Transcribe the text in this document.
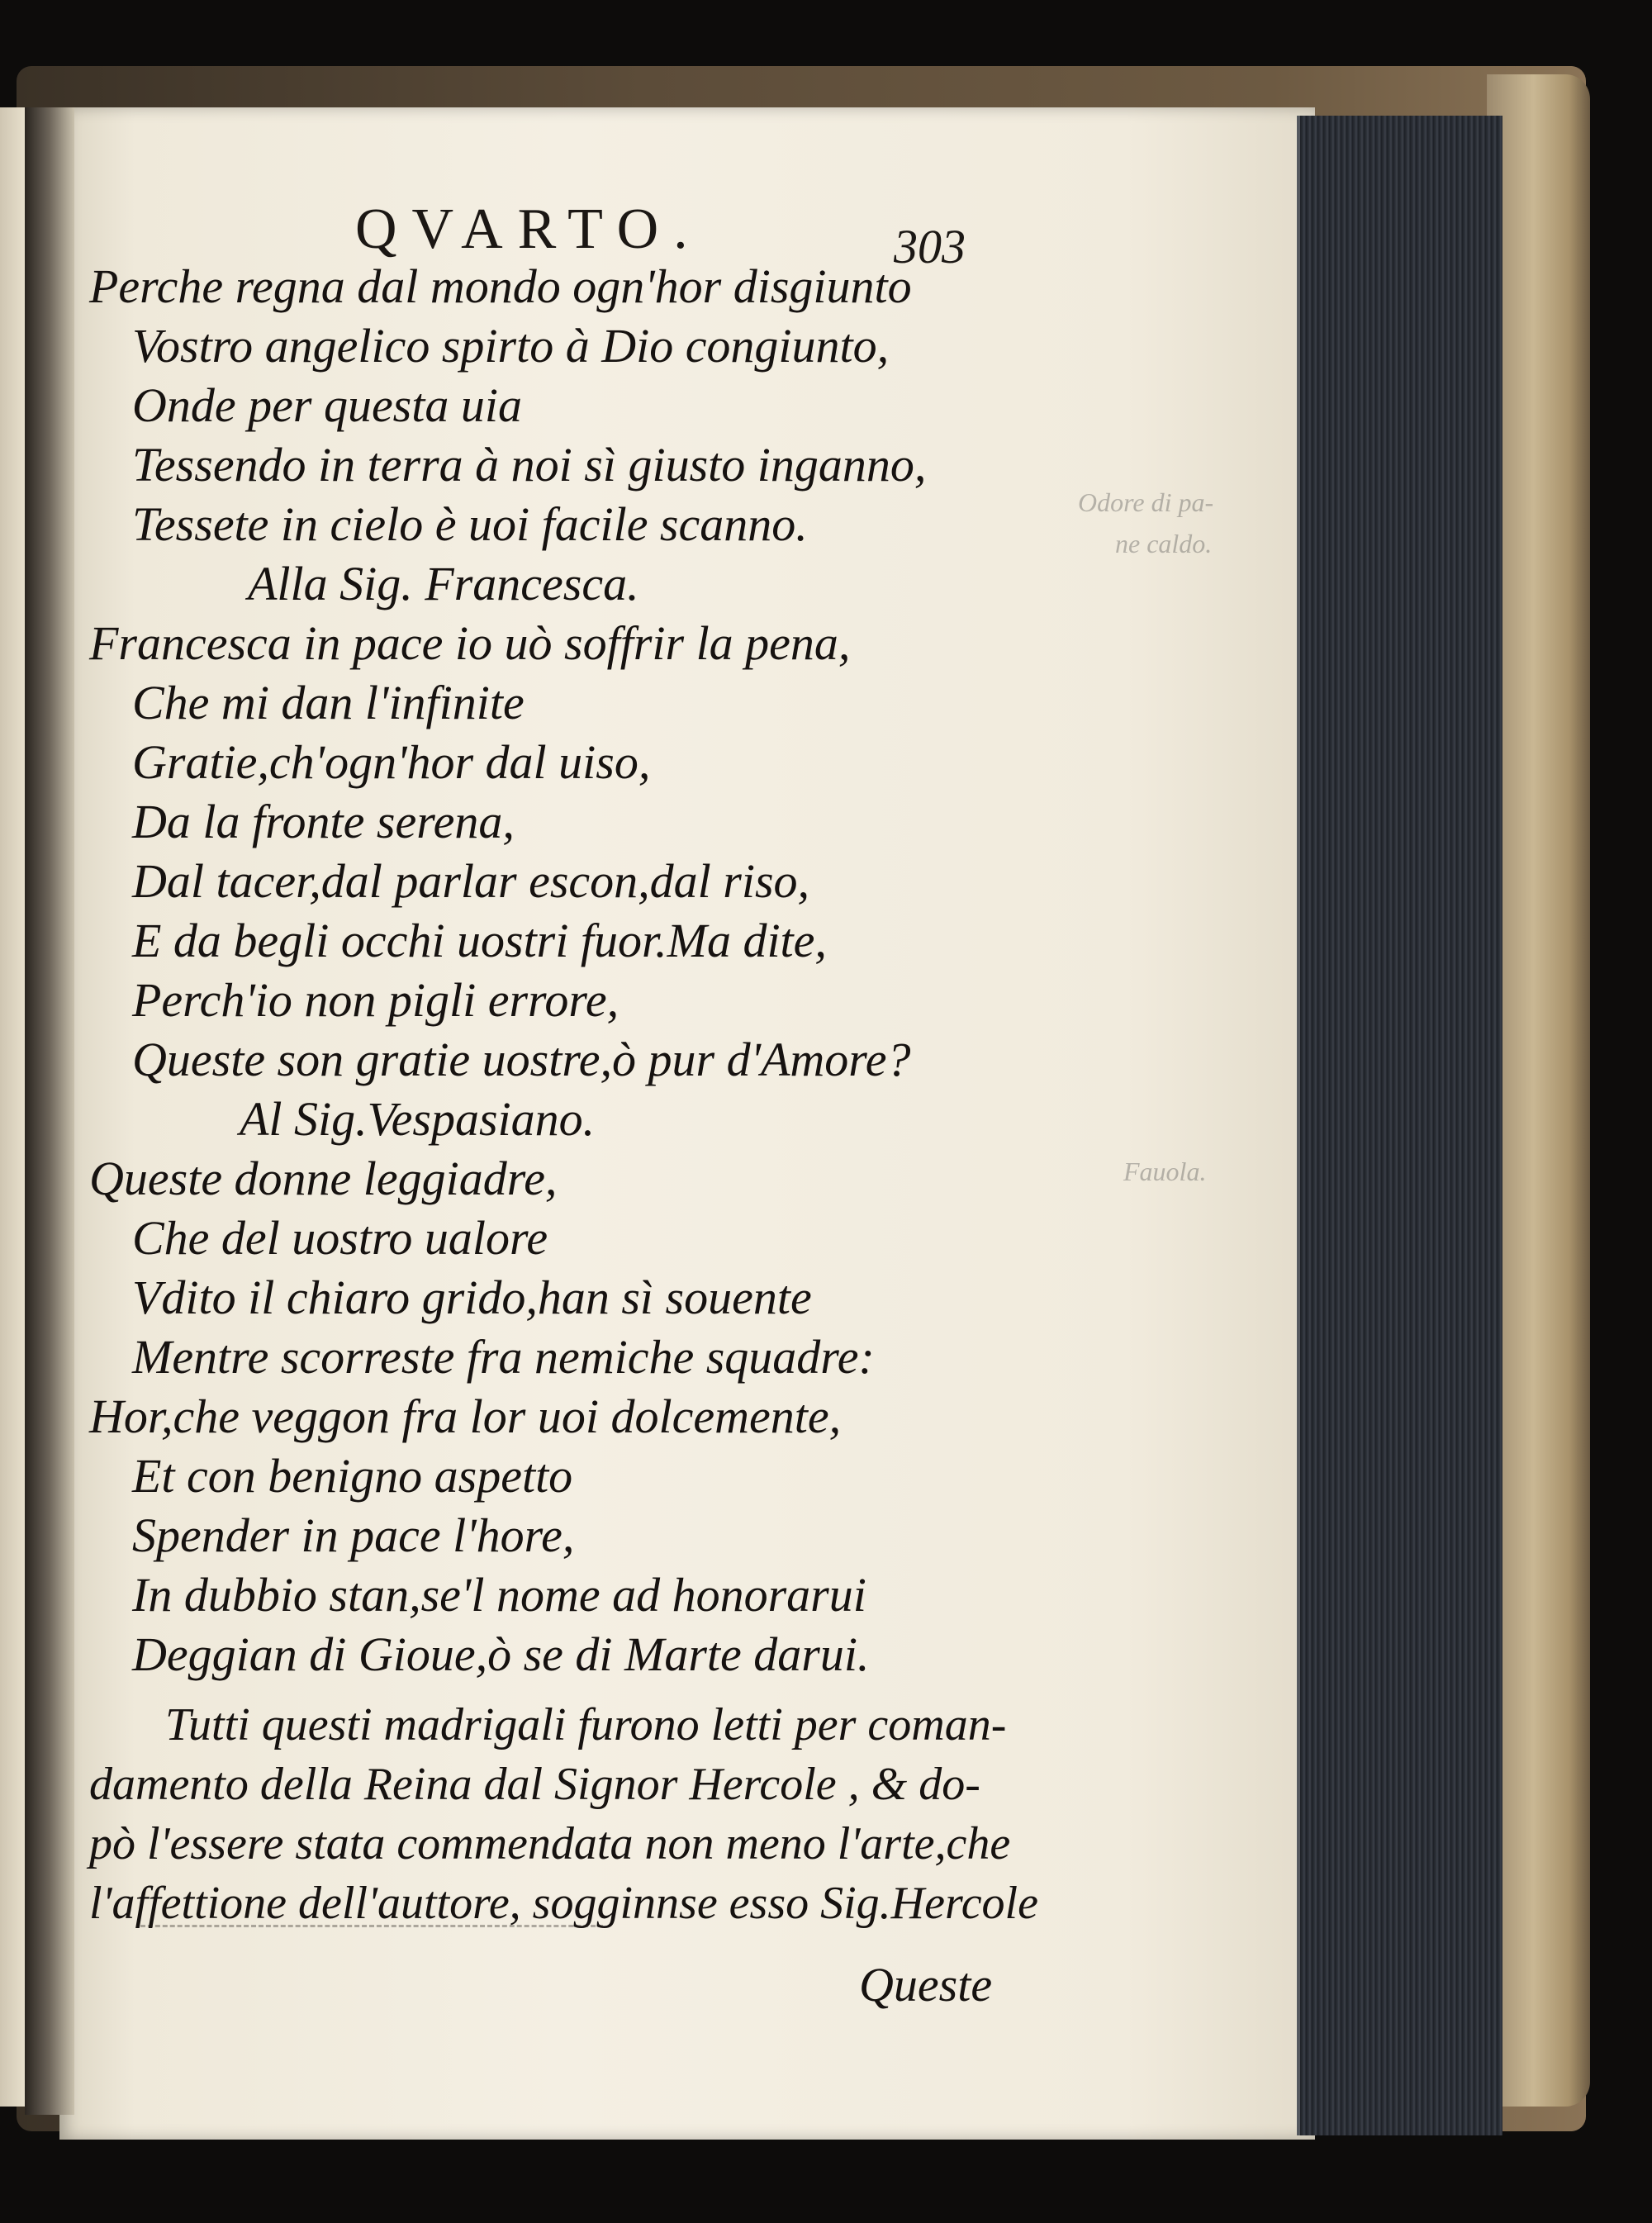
Odore di pa-
ne caldo.
Fauola.
QVARTO.	303
Perche regna dal mondo ogn'hor disgiunto
Vostro angelico spirto à Dio congiunto,
Onde per questa uia
Tessendo in terra à noi sì giusto inganno,
Tessete in cielo è uoi facile scanno.
Alla Sig. Francesca.
Francesca in pace io uò soffrir la pena,
Che mi dan l'infinite
Gratie,ch'ogn'hor dal uiso,
Da la fronte serena,
Dal tacer,dal parlar escon,dal riso,
E da begli occhi uostri fuor.Ma dite,
Perch'io non pigli errore,
Queste son gratie uostre,ò pur d'Amore?
Al Sig.Vespasiano.
Queste donne leggiadre,
Che del uostro ualore
Vdito il chiaro grido,han sì souente
Mentre scorreste fra nemiche squadre:
Hor,che veggon fra lor uoi dolcemente,
Et con benigno aspetto
Spender in pace l'hore,
In dubbio stan,se'l nome ad honorarui
Deggian di Gioue,ò se di Marte darui.
Tutti questi madrigali furono letti per coman-
damento della Reina dal Signor Hercole , & do-
pò l'essere stata commendata non meno l'arte,che
l'affettione dell'auttore, sogginnse esso Sig.Hercole
Queste
